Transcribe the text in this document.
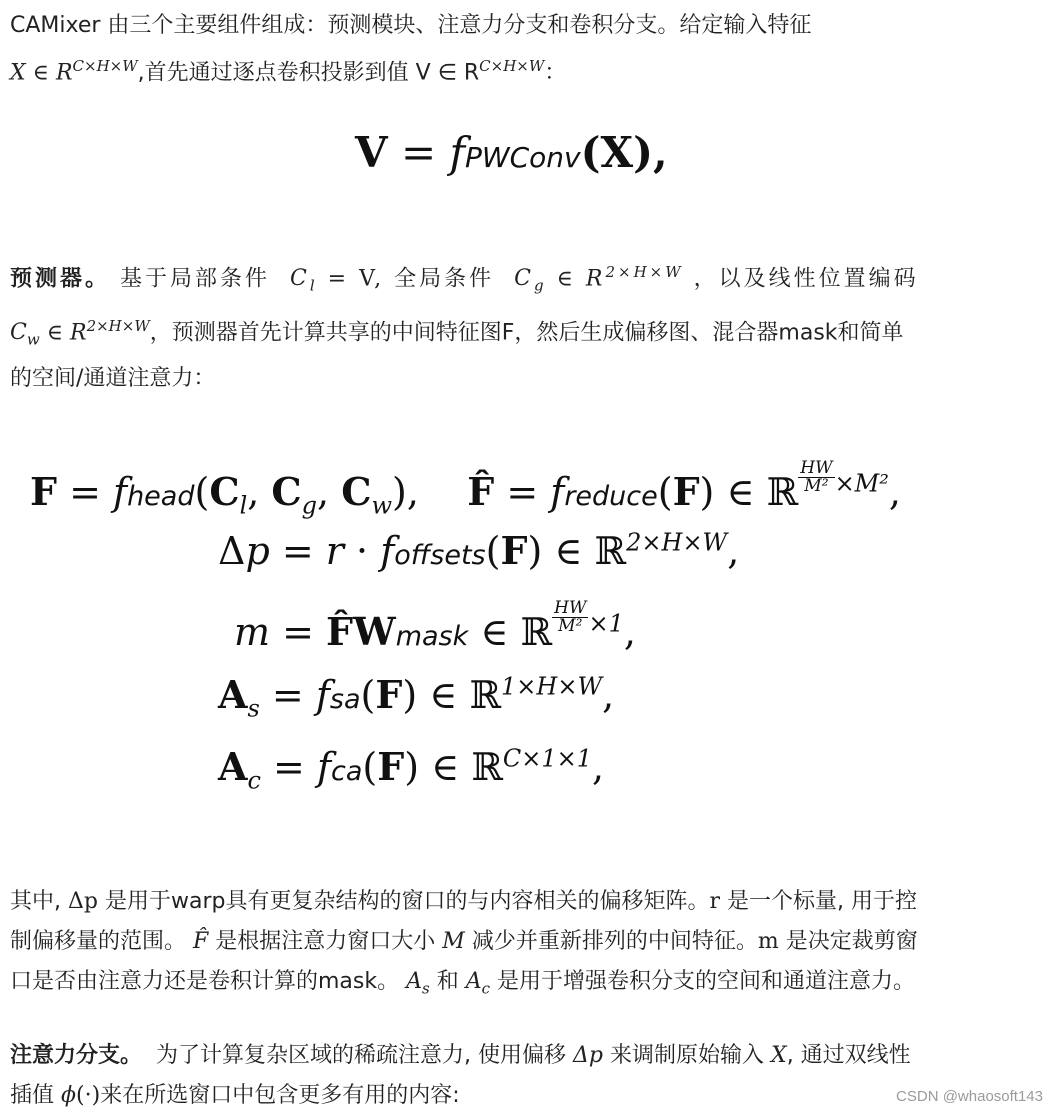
CAMixer 由三个主要组件组成：预测模块、注意力分支和卷积分支。给定输入特征

X ∈ $R^{C\times H\times W}$,首先通过逐点卷积投影到值 V ∈ $R^{C\times H\times W}$：

V = fPWConv(X),

预测器。 基于局部条件  $C_l = V$, 全局条件  $C_g$ ∈ $R^{2\times H\times W}$ ，以及线性位置编码

$C_w$ ∈ $R^{2\times H\times W}$，预测器首先计算共享的中间特征图F，然后生成偏移图、混合器mask和简单

的空间/通道注意力：

$F = fhead(C_l$, $C_g$, $C_w$),    F̂ = freduce(F) ∈ ℝ $\frac{HW}{\text{M²}} ^{\times M^2}$,
Δp = r · foffsets(F) ∈ ℝ$^{2\times H\times W}$,
m = F̂Wmask ∈ ℝ $\frac{HW}{\text{M²}} ^{\times 1}$,
$A_s = fsa(F)$ ∈ ℝ$^{1\times H\times W}$,
$A_c = fca(F)$ ∈ ℝ$^{C\times 1\times 1}$,

其中, Δp 是用于warp具有更复杂结构的窗口的与内容相关的偏移矩阵。r 是一个标量, 用于控

制偏移量的范围。 F̂ 是根据注意力窗口大小 M 减少并重新排列的中间特征。m 是决定裁剪窗

口是否由注意力还是卷积计算的mask。 $A_s$ 和 $A_c$ 是用于增强卷积分支的空间和通道注意力。

注意力分支。 为了计算复杂区域的稀疏注意力, 使用偏移 Δp 来调制原始输入 X, 通过双线性

插值 ϕ(·)来在所选窗口中包含更多有用的内容:	CSDN @whaosoft143
